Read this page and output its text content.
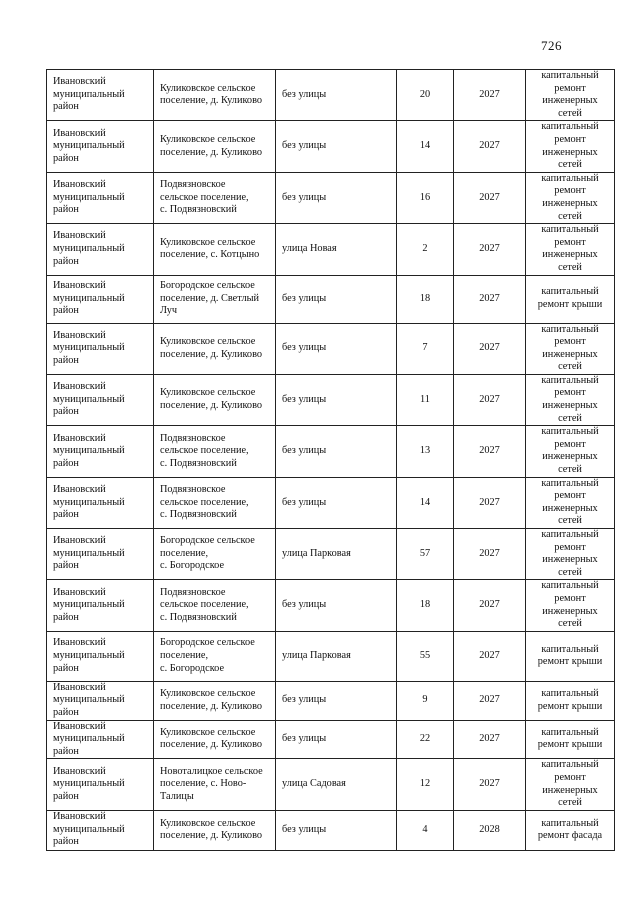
726
Ивановский
муниципальный
район	Куликовское сельское
поселение, д. Куликово	без улицы	20	2027	капитальный
ремонт
инженерных
сетей

Ивановский
муниципальный
район	Куликовское сельское
поселение, д. Куликово	без улицы	14	2027	капитальный
ремонт
инженерных
сетей

Ивановский
муниципальный
район	Подвязновское
сельское поселение,
с. Подвязновский	без улицы	16	2027	капитальный
ремонт
инженерных
сетей

Ивановский
муниципальный
район	Куликовское сельское
поселение, с. Котцыно	улица Новая	2	2027	капитальный
ремонт
инженерных
сетей

Ивановский
муниципальный
район	Богородское сельское
поселение, д. Светлый
Луч	без улицы	18	2027	капитальный
ремонт крыши

Ивановский
муниципальный
район	Куликовское сельское
поселение, д. Куликово	без улицы	7	2027	капитальный
ремонт
инженерных
сетей

Ивановский
муниципальный
район	Куликовское сельское
поселение, д. Куликово	без улицы	11	2027	капитальный
ремонт
инженерных
сетей

Ивановский
муниципальный
район	Подвязновское
сельское поселение,
с. Подвязновский	без улицы	13	2027	капитальный
ремонт
инженерных
сетей

Ивановский
муниципальный
район	Подвязновское
сельское поселение,
с. Подвязновский	без улицы	14	2027	капитальный
ремонт
инженерных
сетей

Ивановский
муниципальный
район	Богородское сельское
поселение,
с. Богородское	улица Парковая	57	2027	капитальный
ремонт
инженерных
сетей

Ивановский
муниципальный
район	Подвязновское
сельское поселение,
с. Подвязновский	без улицы	18	2027	капитальный
ремонт
инженерных
сетей

Ивановский
муниципальный
район	Богородское сельское
поселение,
с. Богородское	улица Парковая	55	2027	капитальный
ремонт крыши

Ивановский
муниципальный
район	Куликовское сельское
поселение, д. Куликово	без улицы	9	2027	капитальный
ремонт крыши

Ивановский
муниципальный
район	Куликовское сельское
поселение, д. Куликово	без улицы	22	2027	капитальный
ремонт крыши

Ивановский
муниципальный
район	Новоталицкое сельское
поселение, с. Ново-
Талицы	улица Садовая	12	2027	капитальный
ремонт
инженерных
сетей

Ивановский
муниципальный
район	Куликовское сельское
поселение, д. Куликово	без улицы	4	2028	капитальный
ремонт фасада
